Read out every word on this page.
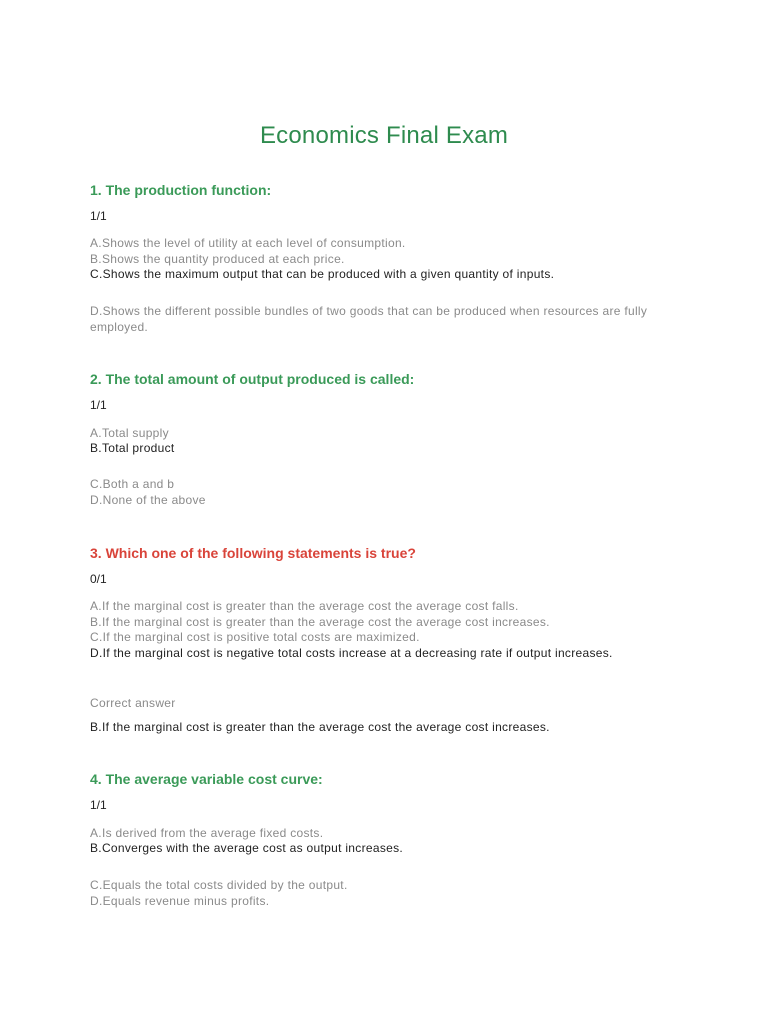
Economics Final Exam
1. The production function:
1/1
A.Shows the level of utility at each level of consumption.
B.Shows the quantity produced at each price.
C.Shows the maximum output that can be produced with a given quantity of inputs.
D.Shows the different possible bundles of two goods that can be produced when resources are fully employed.
2. The total amount of output produced is called:
1/1
A.Total supply
B.Total product
C.Both a and b
D.None of the above
3. Which one of the following statements is true?
0/1
A.If the marginal cost is greater than the average cost the average cost falls.
B.If the marginal cost is greater than the average cost the average cost increases.
C.If the marginal cost is positive total costs are maximized.
D.If the marginal cost is negative total costs increase at a decreasing rate if output increases.
Correct answer
B.If the marginal cost is greater than the average cost the average cost increases.
4. The average variable cost curve:
1/1
A.Is derived from the average fixed costs.
B.Converges with the average cost as output increases.
C.Equals the total costs divided by the output.
D.Equals revenue minus profits.
